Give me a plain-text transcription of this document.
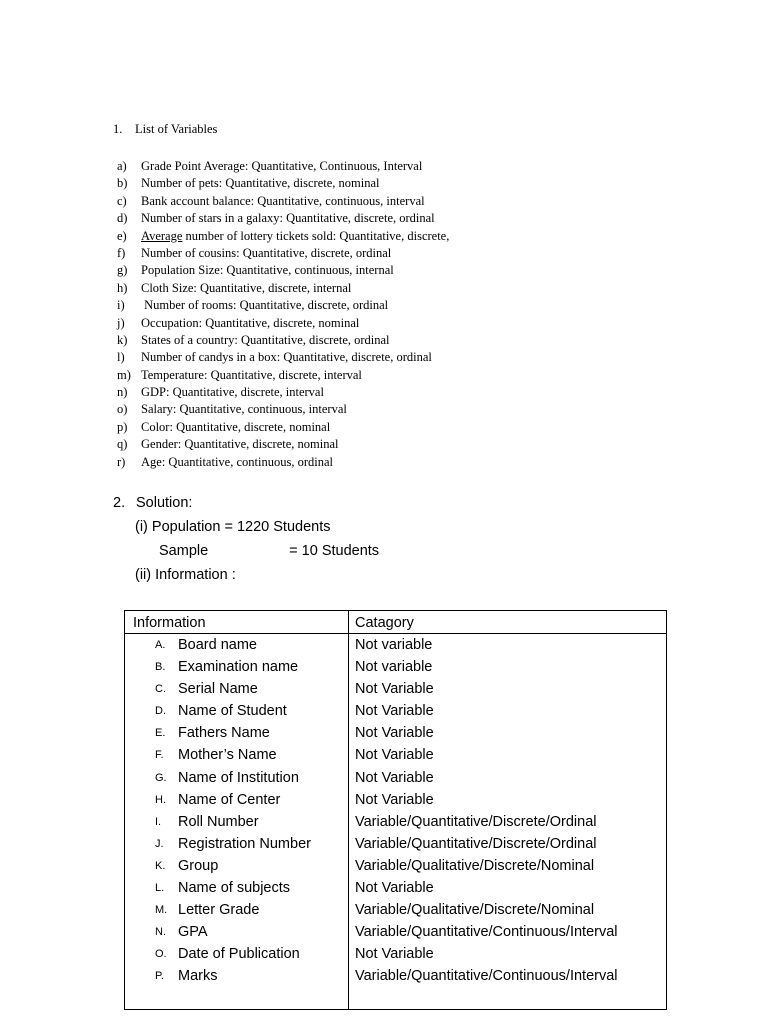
1. List of Variables
a) Grade Point Average: Quantitative, Continuous, Interval
b) Number of pets: Quantitative, discrete, nominal
c) Bank account balance: Quantitative, continuous, interval
d) Number of stars in a galaxy: Quantitative, discrete, ordinal
e) Average number of lottery tickets sold: Quantitative, discrete,
f) Number of cousins: Quantitative, discrete, ordinal
g) Population Size: Quantitative, continuous, internal
h) Cloth Size: Quantitative, discrete, internal
i) Number of rooms: Quantitative, discrete, ordinal
j) Occupation: Quantitative, discrete, nominal
k) States of a country: Quantitative, discrete, ordinal
l) Number of candys in a box: Quantitative, discrete, ordinal
m) Temperature: Quantitative, discrete, interval
n) GDP: Quantitative, discrete, interval
o) Salary: Quantitative, continuous, interval
p) Color: Quantitative, discrete, nominal
q) Gender: Quantitative, discrete, nominal
r) Age: Quantitative, continuous, ordinal
2. Solution:
(i) Population = 1220 Students
Sample	= 10 Students
(ii) Information :
Information	Catagory
A. Board name	Not variable
B. Examination name	Not variable
C. Serial Name	Not Variable
D. Name of Student	Not Variable
E. Fathers Name	Not Variable
F. Mother’s Name	Not Variable
G. Name of Institution	Not Variable
H. Name of Center	Not Variable
I. Roll Number	Variable/Quantitative/Discrete/Ordinal
J. Registration Number	Variable/Quantitative/Discrete/Ordinal
K. Group	Variable/Qualitative/Discrete/Nominal
L. Name of subjects	Not Variable
M. Letter Grade	Variable/Qualitative/Discrete/Nominal
N. GPA	Variable/Quantitative/Continuous/Interval
O. Date of Publication	Not Variable
P. Marks	Variable/Quantitative/Continuous/Interval
